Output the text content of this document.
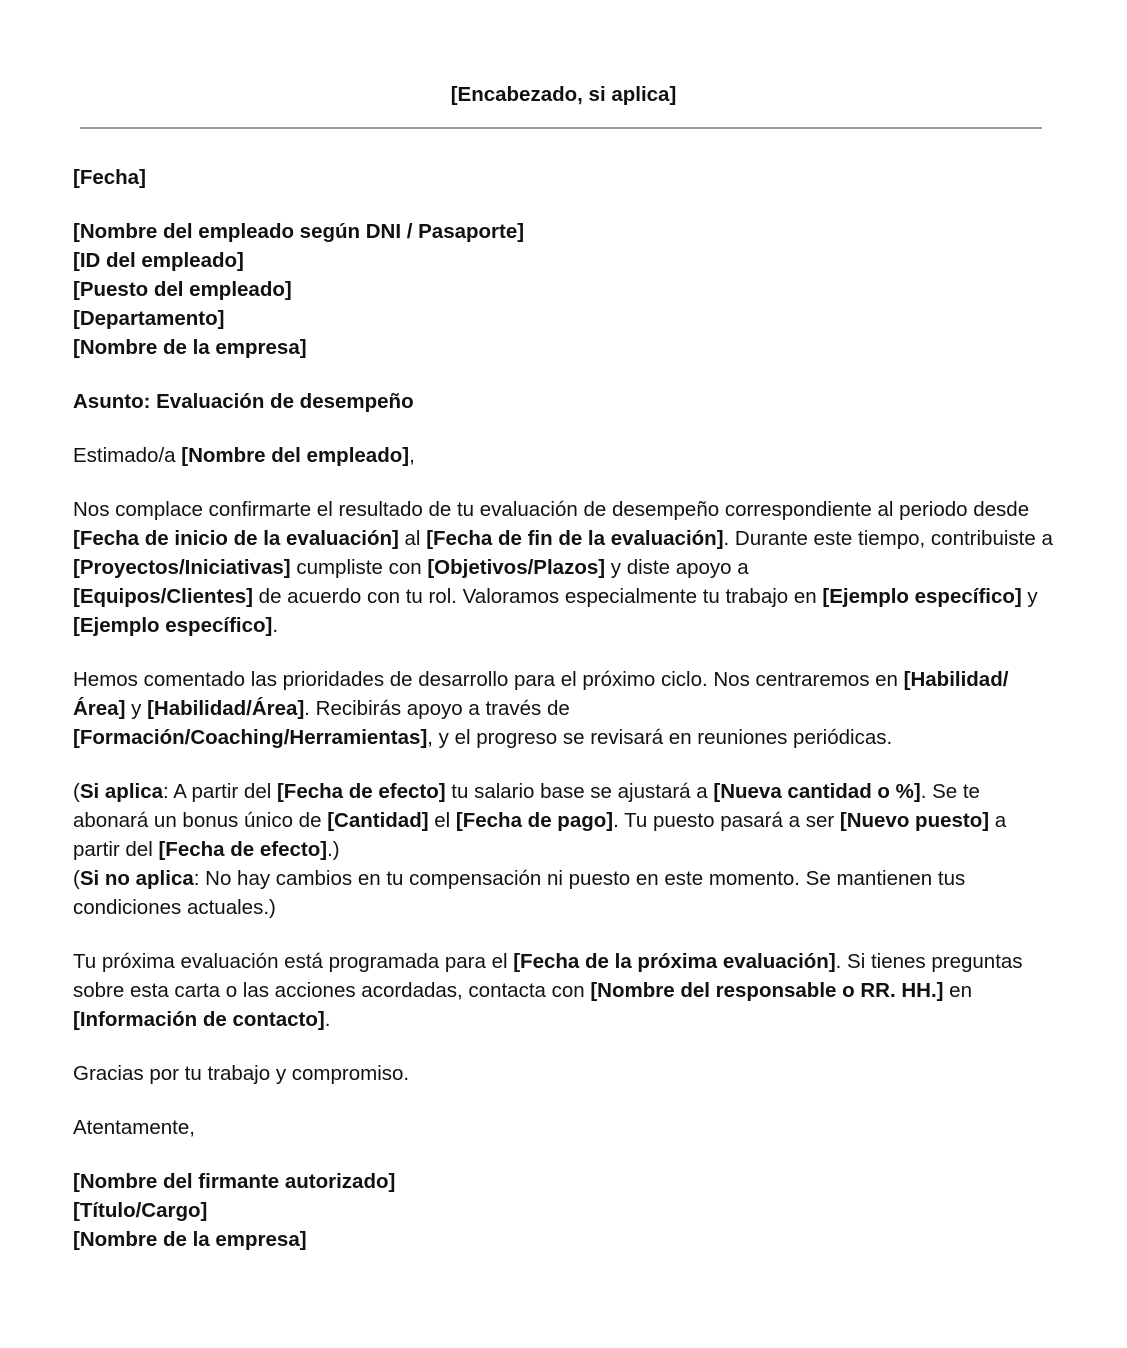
[Encabezado, si aplica]

[Fecha]

[Nombre del empleado según DNI / Pasaporte]
[ID del empleado]
[Puesto del empleado]
[Departamento]
[Nombre de la empresa]

Asunto: Evaluación de desempeño

Estimado/a [Nombre del empleado],

Nos complace confirmarte el resultado de tu evaluación de desempeño correspondiente al periodo desde [Fecha de inicio de la evaluación] al [Fecha de fin de la evaluación]. Durante este tiempo, contribuiste a [Proyectos/Iniciativas] cumpliste con [Objetivos/Plazos] y diste apoyo a
[Equipos/Clientes] de acuerdo con tu rol. Valoramos especialmente tu trabajo en [Ejemplo específico] y [Ejemplo específico].

Hemos comentado las prioridades de desarrollo para el próximo ciclo. Nos centraremos en [Habilidad/Área] y [Habilidad/Área]. Recibirás apoyo a través de
[Formación/Coaching/Herramientas], y el progreso se revisará en reuniones periódicas.

(Si aplica: A partir del [Fecha de efecto] tu salario base se ajustará a [Nueva cantidad o %]. Se te abonará un bonus único de [Cantidad] el [Fecha de pago]. Tu puesto pasará a ser [Nuevo puesto] a partir del [Fecha de efecto].)
(Si no aplica: No hay cambios en tu compensación ni puesto en este momento. Se mantienen tus condiciones actuales.)

Tu próxima evaluación está programada para el [Fecha de la próxima evaluación]. Si tienes preguntas sobre esta carta o las acciones acordadas, contacta con [Nombre del responsable o RR. HH.] en [Información de contacto].

Gracias por tu trabajo y compromiso.

Atentamente,

[Nombre del firmante autorizado]
[Título/Cargo]
[Nombre de la empresa]
